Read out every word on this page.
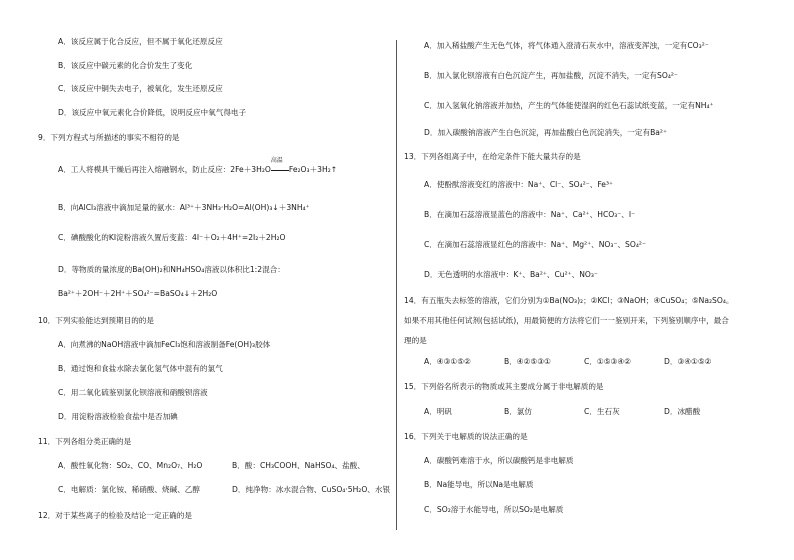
A．该反应属于化合反应，但不属于氧化还原反应
B．该反应中碳元素的化合价发生了变化
C．该反应中铜失去电子，被氧化，发生还原反应
D．该反应中氧元素化合价降低，说明反应中氧气得电子
9．下列方程式与所描述的事实不相符的是
A．工人将模具干燥后再注入熔融钢水，防止反应：2Fe＋3H₂O
高温
Fe₂O₃＋3H₂↑
B．向AlCl₃溶液中滴加足量的氨水：Al³⁺＋3NH₃·H₂O=Al(OH)₃↓＋3NH₄⁺
C．碘酸酸化的KI淀粉溶液久置后变蓝：4I⁻＋O₂＋4H⁺=2I₂＋2H₂O
D．等物质的量浓度的Ba(OH)₂和NH₄HSO₄溶液以体积比1:2混合：
Ba²⁺＋2OH⁻＋2H⁺＋SO₄²⁻=BaSO₄↓＋2H₂O
10．下列实验能达到预期目的的是
A．向煮沸的NaOH溶液中滴加FeCl₃饱和溶液制备Fe(OH)₃胶体
B．通过饱和食盐水除去氯化氢气体中混有的氯气
C．用二氧化硫鉴别氯化钡溶液和硝酸钡溶液
D．用淀粉溶液检验食盐中是否加碘
11．下列各组分类正确的是
A．酸性氧化物：SO₂、CO、Mn₂O₇、H₂O	B．酸：CH₃COOH、NaHSO₄、盐酸、
C．电解质：氯化铵、稀硝酸、烧碱、乙醇	D．纯净物：冰水混合物、CuSO₄·5H₂O、水银
12．对于某些离子的检验及结论一定正确的是
A．加入稀盐酸产生无色气体，将气体通入澄清石灰水中，溶液变浑浊，一定有CO₃²⁻
B．加入氯化钡溶液有白色沉淀产生，再加盐酸，沉淀不消失，一定有SO₄²⁻
C．加入氢氧化钠溶液并加热，产生的气体能使湿润的红色石蕊试纸变蓝，一定有NH₄⁺
D．加入碳酸钠溶液产生白色沉淀，再加盐酸白色沉淀消失，一定有Ba²⁺
13．下列各组离子中，在给定条件下能大量共存的是
A．使酚酞溶液变红的溶液中：Na⁺、Cl⁻、SO₄²⁻、Fe³⁺
B．在滴加石蕊溶液显蓝色的溶液中：Na⁺、Ca²⁺、HCO₃⁻、I⁻
C．在滴加石蕊溶液显红色的溶液中：Na⁺、Mg²⁺、NO₃⁻、SO₄²⁻
D．无色透明的水溶液中：K⁺、Ba²⁺、Cu²⁺、NO₃⁻
14．有五瓶失去标签的溶液，它们分别为①Ba(NO₃)₂；②KCl；③NaOH；④CuSO₄；⑤Na₂SO₄。
如果不用其他任何试剂(包括试纸)，用最简便的方法将它们一一鉴别开来，下列鉴别顺序中，最合
理的是
A．④③①⑤②	B．④②⑤③①	C．①⑤③④②	D．③④①⑤②
15．下列俗名所表示的物质或其主要成分属于非电解质的是
A．明矾	B．氯仿	C．生石灰	D．冰醋酸
16．下列关于电解质的说法正确的是
A．碳酸钙难溶于水，所以碳酸钙是非电解质
B．Na能导电，所以Na是电解质
C．SO₂溶于水能导电，所以SO₂是电解质
